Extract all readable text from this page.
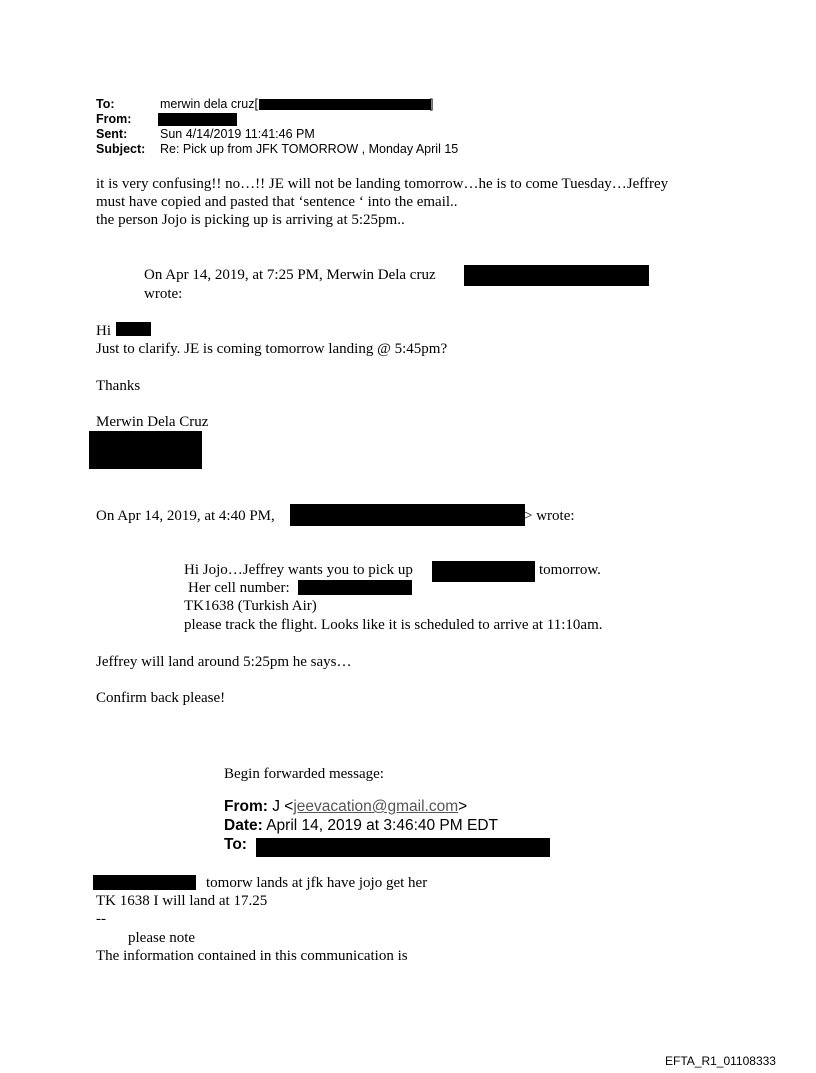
To:	merwin dela cruz[	]
From:
Sent:	Sun 4/14/2019 11:41:46 PM
Subject: Re: Pick up from JFK TOMORROW , Monday April 15
it is very confusing!! no…!! JE will not be landing tomorrow…he is to come Tuesday…Jeffrey
must have copied and pasted that ‘sentence ‘ into the email..
the person Jojo is picking up is arriving at 5:25pm..
On Apr 14, 2019, at 7:25 PM, Merwin Dela cruz
wrote:
Hi
Just to clarify. JE is coming tomorrow landing @ 5:45pm?
Thanks
Merwin Dela Cruz
On Apr 14, 2019, at 4:40 PM,	> wrote:
Hi Jojo…Jeffrey wants you to pick up	tomorrow.
Her cell number:
TK1638 (Turkish Air)
please track the flight. Looks like it is scheduled to arrive at 11:10am.
Jeffrey will land around 5:25pm he says…
Confirm back please!
Begin forwarded message:
From: J <jeevacation@gmail.com>
Date: April 14, 2019 at 3:46:40 PM EDT
To:
tomorw lands at jfk have jojo get her
TK 1638 I will land at 17.25
--
please note
The information contained in this communication is
EFTA_R1_01108333
